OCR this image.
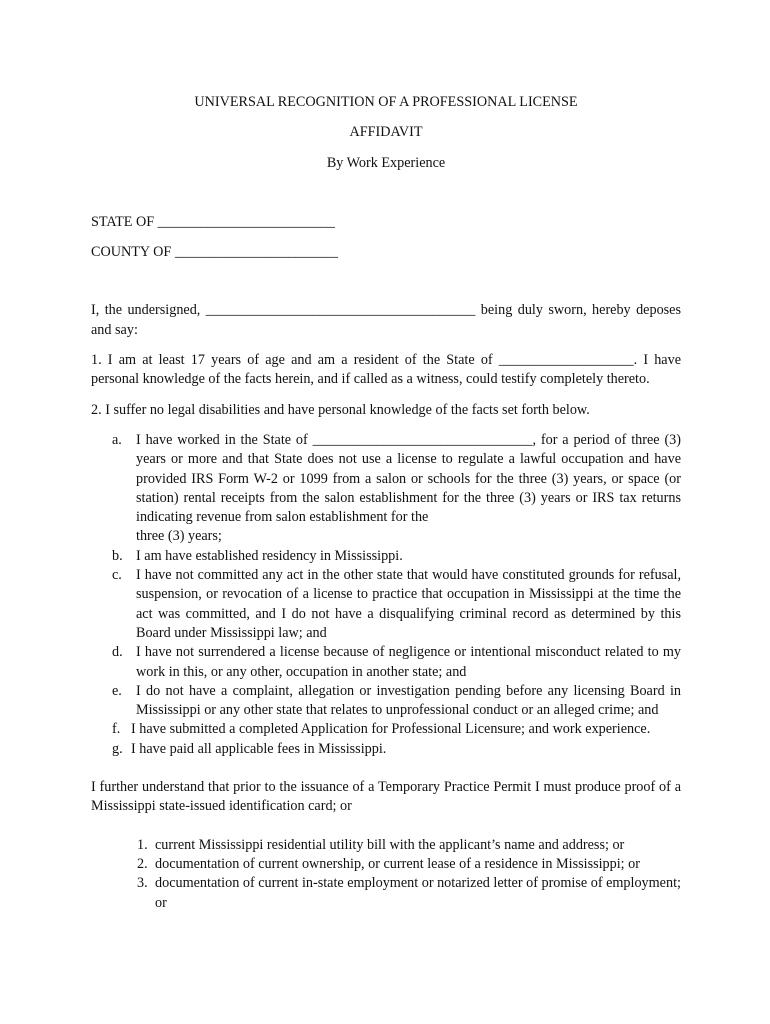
UNIVERSAL RECOGNITION OF A PROFESSIONAL LICENSE

AFFIDAVIT

By Work Experience

STATE OF _________________________

COUNTY OF _______________________

I, the undersigned, ______________________________________ being duly sworn, hereby deposes and say:

1. I am at least 17 years of age and am a resident of the State of ___________________. I have personal knowledge of the facts herein, and if called as a witness, could testify completely thereto.

2. I suffer no legal disabilities and have personal knowledge of the facts set forth below.

a. I have worked in the State of _______________________________, for a period of three (3) years or more and that State does not use a license to regulate a lawful occupation and have provided IRS Form W-2 or 1099 from a salon or schools for the three (3) years, or space (or station) rental receipts from the salon establishment for the three (3) years or IRS tax returns indicating revenue from salon establishment for the
three (3) years;
b. I am have established residency in Mississippi.
c. I have not committed any act in the other state that would have constituted grounds for refusal, suspension, or revocation of a license to practice that occupation in Mississippi at the time the act was committed, and I do not have a disqualifying criminal record as determined by this Board under Mississippi law; and
d. I have not surrendered a license because of negligence or intentional misconduct related to my work in this, or any other, occupation in another state; and
e. I do not have a complaint, allegation or investigation pending before any licensing Board in Mississippi or any other state that relates to unprofessional conduct or an alleged crime; and
f. I have submitted a completed Application for Professional Licensure; and work experience.
g. I have paid all applicable fees in Mississippi.

I further understand that prior to the issuance of a Temporary Practice Permit I must produce proof of a Mississippi state-issued identification card; or

1. current Mississippi residential utility bill with the applicant’s name and address; or
2. documentation of current ownership, or current lease of a residence in Mississippi; or
3. documentation of current in-state employment or notarized letter of promise of employment; or
